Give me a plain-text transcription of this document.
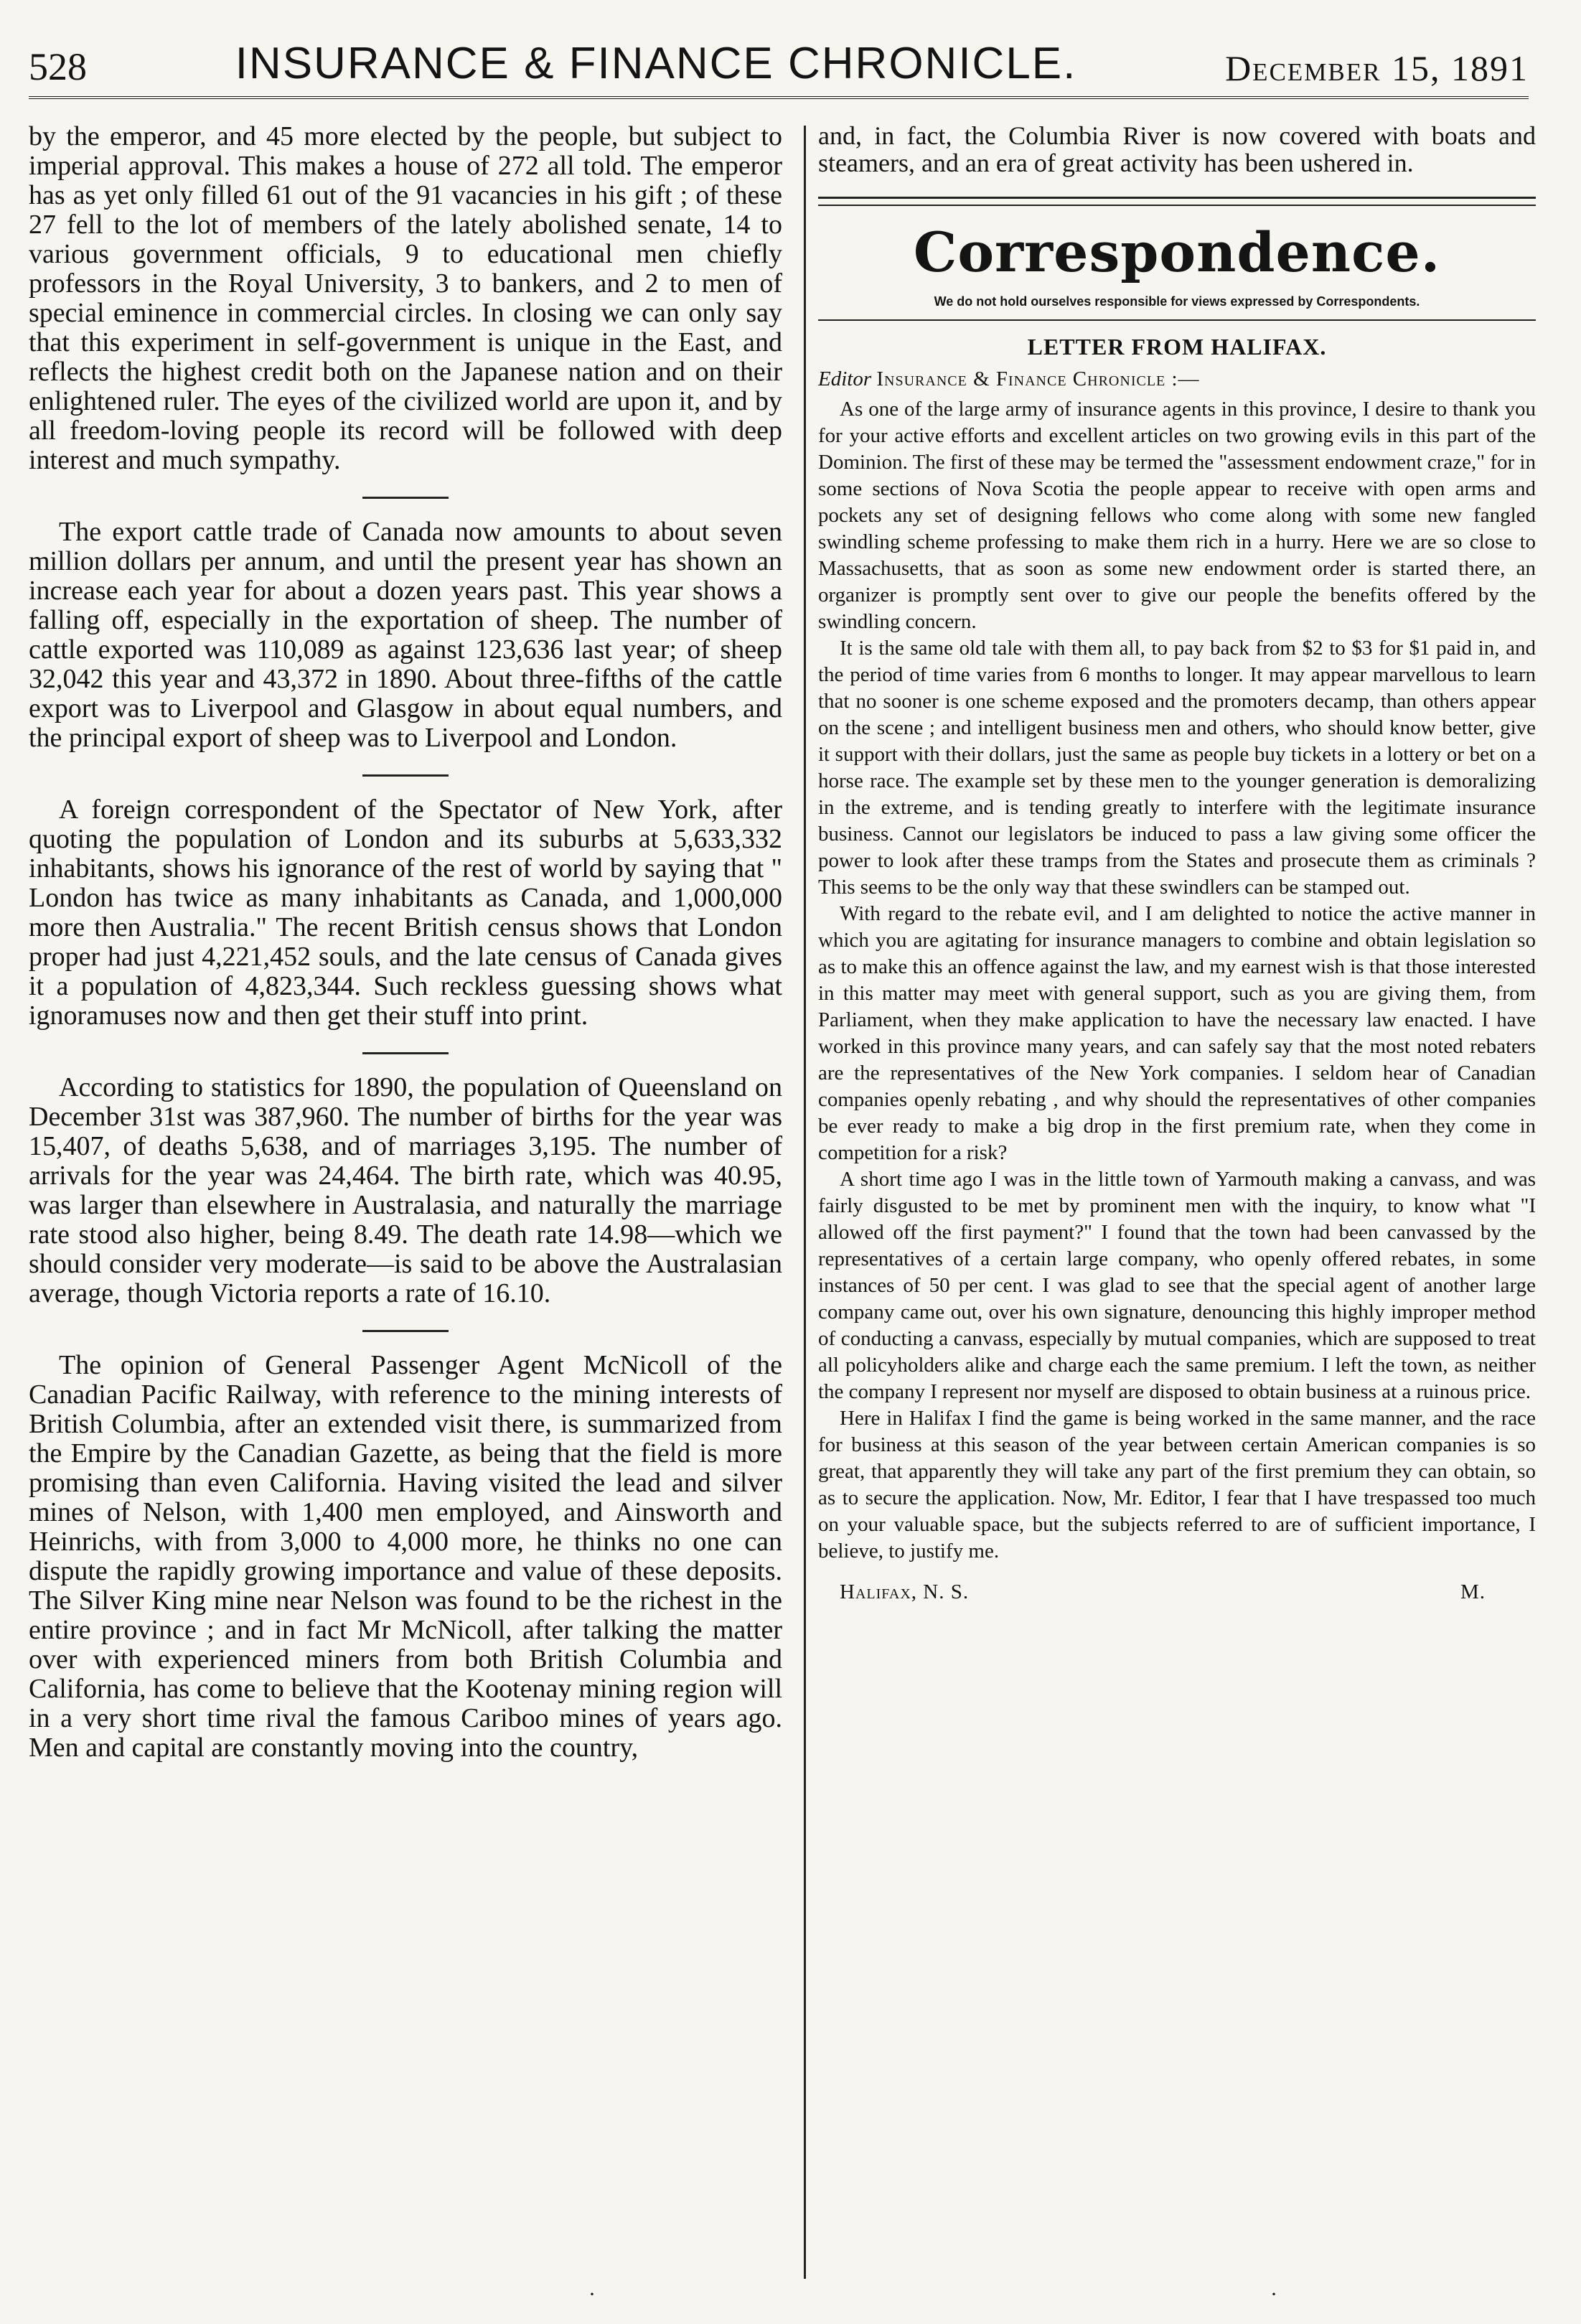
528	INSURANCE & FINANCE CHRONICLE.	December 15, 1891

by the emperor, and 45 more elected by the people, but subject to imperial approval. This makes a house of 272 all told. The emperor has as yet only filled 61 out of the 91 vacancies in his gift ; of these 27 fell to the lot of members of the lately abolished senate, 14 to various government officials, 9 to educational men chiefly professors in the Royal University, 3 to bankers, and 2 to men of special eminence in commercial circles. In closing we can only say that this experiment in self-government is unique in the East, and reflects the highest credit both on the Japanese nation and on their enlightened ruler. The eyes of the civilized world are upon it, and by all freedom-loving people its record will be followed with deep interest and much sympathy.

The export cattle trade of Canada now amounts to about seven million dollars per annum, and until the present year has shown an increase each year for about a dozen years past. This year shows a falling off, especially in the exportation of sheep. The number of cattle exported was 110,089 as against 123,636 last year; of sheep 32,042 this year and 43,372 in 1890. About three-fifths of the cattle export was to Liverpool and Glasgow in about equal numbers, and the principal export of sheep was to Liverpool and London.

A foreign correspondent of the Spectator of New York, after quoting the population of London and its suburbs at 5,633,332 inhabitants, shows his ignorance of the rest of world by saying that " London has twice as many inhabitants as Canada, and 1,000,000 more then Australia." The recent British census shows that London proper had just 4,221,452 souls, and the late census of Canada gives it a population of 4,823,344. Such reckless guessing shows what ignoramuses now and then get their stuff into print.

According to statistics for 1890, the population of Queensland on December 31st was 387,960. The number of births for the year was 15,407, of deaths 5,638, and of marriages 3,195. The number of arrivals for the year was 24,464. The birth rate, which was 40.95, was larger than elsewhere in Australasia, and naturally the marriage rate stood also higher, being 8.49. The death rate 14.98—which we should consider very moderate—is said to be above the Australasian average, though Victoria reports a rate of 16.10.

The opinion of General Passenger Agent McNicoll of the Canadian Pacific Railway, with reference to the mining interests of British Columbia, after an extended visit there, is summarized from the Empire by the Canadian Gazette, as being that the field is more promising than even California. Having visited the lead and silver mines of Nelson, with 1,400 men employed, and Ainsworth and Heinrichs, with from 3,000 to 4,000 more, he thinks no one can dispute the rapidly growing importance and value of these deposits. The Silver King mine near Nelson was found to be the richest in the entire province ; and in fact Mr McNicoll, after talking the matter over with experienced miners from both British Columbia and California, has come to believe that the Kootenay mining region will in a very short time rival the famous Cariboo mines of years ago. Men and capital are constantly moving into the country,

and, in fact, the Columbia River is now covered with boats and steamers, and an era of great activity has been ushered in.

Correspondence.
We do not hold ourselves responsible for views expressed by Correspondents.
LETTER FROM HALIFAX.
Editor Insurance & Finance Chronicle :—

As one of the large army of insurance agents in this province, I desire to thank you for your active efforts and excellent articles on two growing evils in this part of the Dominion. The first of these may be termed the "assessment endowment craze," for in some sections of Nova Scotia the people appear to receive with open arms and pockets any set of designing fellows who come along with some new fangled swindling scheme professing to make them rich in a hurry. Here we are so close to Massachusetts, that as soon as some new endowment order is started there, an organizer is promptly sent over to give our people the benefits offered by the swindling concern.

It is the same old tale with them all, to pay back from $2 to $3 for $1 paid in, and the period of time varies from 6 months to longer. It may appear marvellous to learn that no sooner is one scheme exposed and the promoters decamp, than others appear on the scene ; and intelligent business men and others, who should know better, give it support with their dollars, just the same as people buy tickets in a lottery or bet on a horse race. The example set by these men to the younger generation is demoralizing in the extreme, and is tending greatly to interfere with the legitimate insurance business. Cannot our legislators be induced to pass a law giving some officer the power to look after these tramps from the States and prosecute them as criminals ? This seems to be the only way that these swindlers can be stamped out.

With regard to the rebate evil, and I am delighted to notice the active manner in which you are agitating for insurance managers to combine and obtain legislation so as to make this an offence against the law, and my earnest wish is that those interested in this matter may meet with general support, such as you are giving them, from Parliament, when they make application to have the necessary law enacted. I have worked in this province many years, and can safely say that the most noted rebaters are the representatives of the New York companies. I seldom hear of Canadian companies openly rebating , and why should the representatives of other companies be ever ready to make a big drop in the first premium rate, when they come in competition for a risk?

A short time ago I was in the little town of Yarmouth making a canvass, and was fairly disgusted to be met by prominent men with the inquiry, to know what "I allowed off the first payment?" I found that the town had been canvassed by the representatives of a certain large company, who openly offered rebates, in some instances of 50 per cent. I was glad to see that the special agent of another large company came out, over his own signature, denouncing this highly improper method of conducting a canvass, especially by mutual companies, which are supposed to treat all policyholders alike and charge each the same premium. I left the town, as neither the company I represent nor myself are disposed to obtain business at a ruinous price.

Here in Halifax I find the game is being worked in the same manner, and the race for business at this season of the year between certain American companies is so great, that apparently they will take any part of the first premium they can obtain, so as to secure the application. Now, Mr. Editor, I fear that I have trespassed too much on your valuable space, but the subjects referred to are of sufficient importance, I believe, to justify me.

Halifax, N. S.	M.
·	·
